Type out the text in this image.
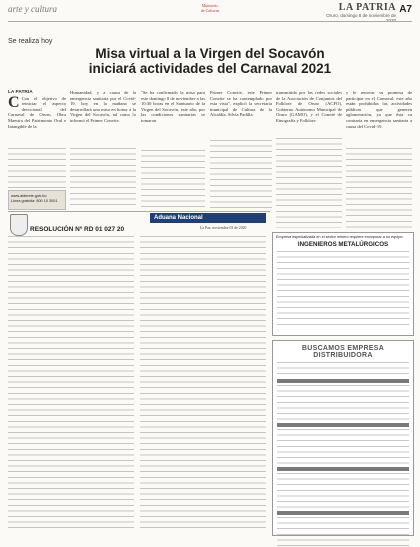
arte y cultura	Ministerio
de Culturas	LA PATRIA
Oruro, domingo 8 de noviembre de
A7
Se realiza hoy
Misa virtual a la Virgen del Socavón
iniciará actividades del Carnaval 2021
LA PATRIA
C Con el objetivo de reiniciar el aspecto devocional del Carnaval de Oruro, Obra Maestra del Patrimonio Oral e Intangible de la
Humanidad, y a causa de la emergencia sanitaria por el Covid-19, hoy en la mañana se desarrollará una misa en honor a la Virgen del Socavón, tal como lo informó el Primer Convite.
"Se ha confirmado la misa para este domingo 8 de noviembre a las 10:30 horas en el Santuario de la Virgen del Socavón, este año, por las condiciones sanitarias se tomaron
Primer Convite, este Primer Convite se ha contemplado por esta vista", explicó la secretaria municipal de Cultura de la Alcaldía, Silvia Padilla.
transmitida por las redes sociales de la Asociación de Conjuntos del Folklore de Oruro (ACFO), Gobierno Autónomo Municipal de Oruro (GAMO), y el Comité de Etnografía y Folklore.
y fe renovar su promesa de participar en el Carnaval; este año están prohibidas las actividades públicas que generen aglomeración, ya que ésta va contraria en emergencia sanitaria a causa del Covid-19.
www.alderete.gob.bo
Línea gratuita: 800 10 3001
Aduana Nacional
RESOLUCIÓN Nº RD 01 027 20	La Paz, noviembre 03 de 2020
Empresa especializada en el sector minero requiere incorporar a su equipo:
INGENIEROS METALÚRGICOS
BUSCAMOS EMPRESA DISTRIBUIDORA
